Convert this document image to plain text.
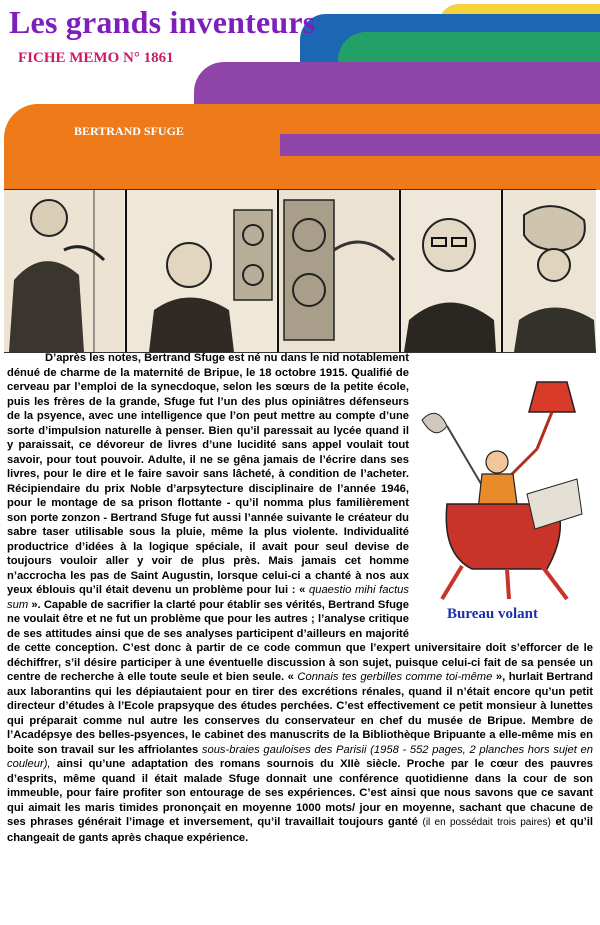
Les grands inventeurs
FICHE MEMO N° 1861
BERTRAND SFUGE
Bureau volant

D’après les notes, Bertrand Sfuge est né nu dans le nid notablement dénué de charme de la maternité de Bripue, le 18 octobre 1915. Qualifié de cerveau par l’emploi de la synecdoque, selon les sœurs de la petite école, puis les frères de la grande, Sfuge fut l’un des plus opiniâtres défenseurs de la psyence, avec une intelligence que l’on peut mettre au compte d’une sorte d’impulsion naturelle à penser. Bien qu’il paressait au lycée quand il y paraissait, ce dévoreur de livres d’une lucidité sans appel voulait tout savoir, pour tout pouvoir. Adulte, il ne se gêna jamais de l’écrire dans ses livres, pour le dire et le faire savoir sans lâcheté, à condition de l’acheter. Récipiendaire du prix Noble d’arpsytecture disciplinaire de l’année 1946, pour le montage de sa prison flottante - qu’il nomma plus familièrement son porte zonzon - Bertrand Sfuge fut aussi l’année suivante le créateur du sabre taser utilisable sous la pluie, même la plus violente. Individualité productrice d’idées à la logique spéciale, il avait pour seul devise de toujours vouloir aller y voir de plus près. Mais jamais cet homme n’accrocha les pas de Saint Augustin, lorsque celui-ci a chanté à nos aux yeux éblouis qu’il était devenu un problème pour lui : « quaestio mihi factus sum ». Capable de sacrifier la clarté pour établir ses vérités, Bertrand Sfuge ne voulait être et ne fut un problème que pour les autres ; l’analyse critique de ses attitudes ainsi que de ses analyses participent d’ailleurs en majorité de cette conception. C’est donc à partir de ce code commun que l’expert universitaire doit s’efforcer de le déchiffrer, s’il désire participer à une éventuelle discussion à son sujet, puisque celui-ci fait de sa pensée un centre de recherche à elle toute seule et bien seule. « Connais tes gerbilles comme toi-même », hurlait Bertrand aux laborantins qui les dépiautaient pour en tirer des excrétions rénales, quand il n’était encore qu’un petit directeur d’études à l’Ecole prapsyque des études perchées. C’est effectivement ce petit monsieur à lunettes qui préparait comme nul autre les conserves du conservateur en chef du musée de Bripue. Membre de l’Acadépsye des belles-psyences, le cabinet des manuscrits de la Bibliothèque Bripuante a elle-même mis en boite son travail sur les affriolantes sous-braies gauloises des Parisii (1958 - 552 pages, 2 planches hors sujet en couleur), ainsi qu’une adaptation des romans sournois du XIIè siècle. Proche par le cœur des pauvres d’esprits, même quand il était malade Sfuge donnait une conférence quotidienne dans la cour de son immeuble, pour faire profiter son entourage de ses expériences. C’est ainsi que nous savons que ce savant qui aimait les maris timides prononçait en moyenne 1000 mots/ jour en moyenne, sachant que chacune de ses phrases générait l’image et inversement, qu’il travaillait toujours ganté (il en possédait trois paires) et qu’il changeait de gants après chaque expérience.
